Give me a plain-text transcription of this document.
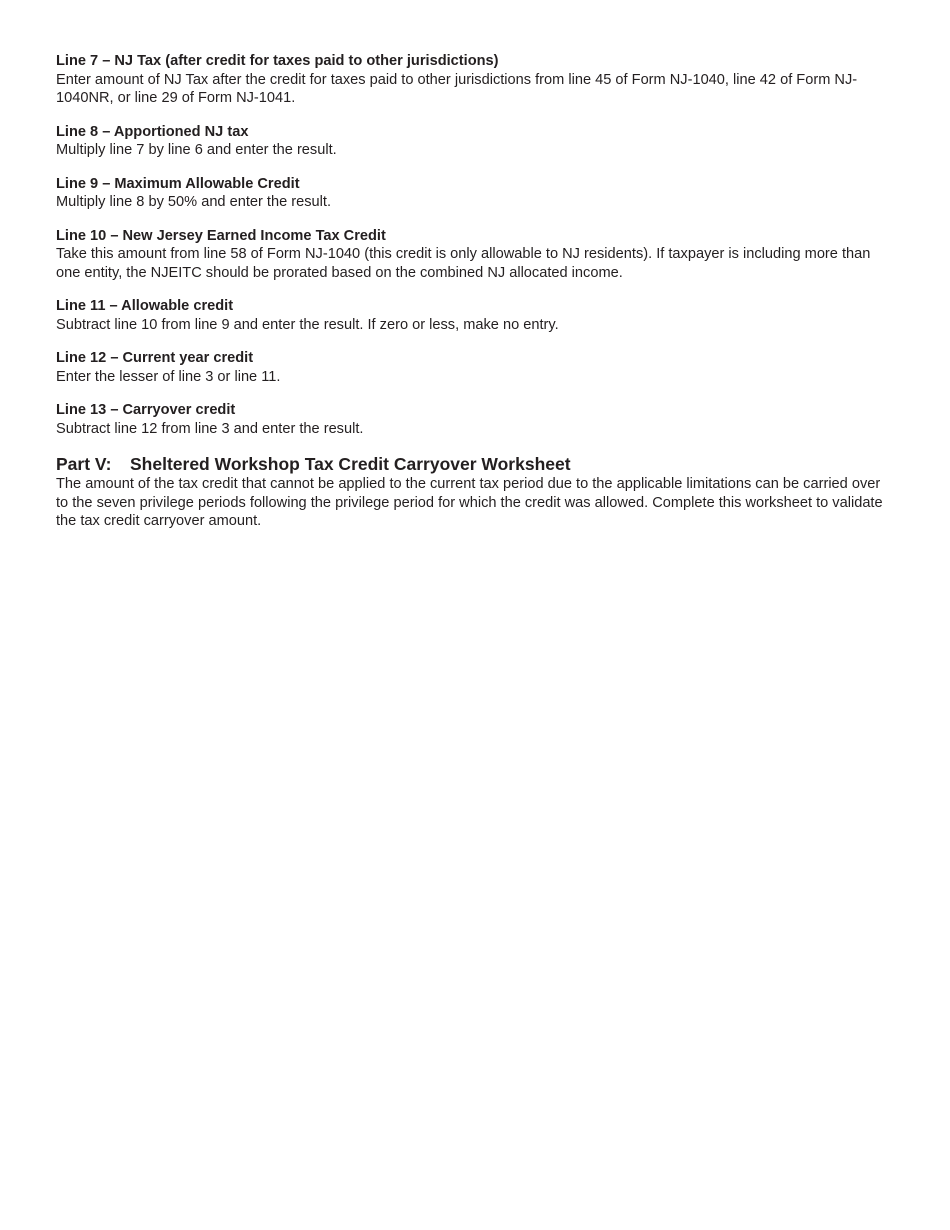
Line 7 – NJ Tax (after credit for taxes paid to other jurisdictions)

Enter amount of NJ Tax after the credit for taxes paid to other jurisdictions from line 45 of Form NJ-1040, line 42 of Form NJ-1040NR, or line 29 of Form NJ-1041.

Line 8 – Apportioned NJ tax

Multiply line 7 by line 6 and enter the result.

Line 9 – Maximum Allowable Credit

Multiply line 8 by 50% and enter the result.

Line 10 – New Jersey Earned Income Tax Credit

Take this amount from line 58 of Form NJ-1040 (this credit is only allowable to NJ residents). If taxpayer is including more than one entity, the NJEITC should be prorated based on the combined NJ allocated income.

Line 11 – Allowable credit

Subtract line 10 from line 9 and enter the result. If zero or less, make no entry.

Line 12 – Current year credit

Enter the lesser of line 3 or line 11.

Line 13 – Carryover credit

Subtract line 12 from line 3 and enter the result.

Part V: Sheltered Workshop Tax Credit Carryover Worksheet

The amount of the tax credit that cannot be applied to the current tax period due to the applicable limitations can be carried over to the seven privilege periods following the privilege period for which the credit was allowed. Complete this worksheet to validate the tax credit carryover amount.
